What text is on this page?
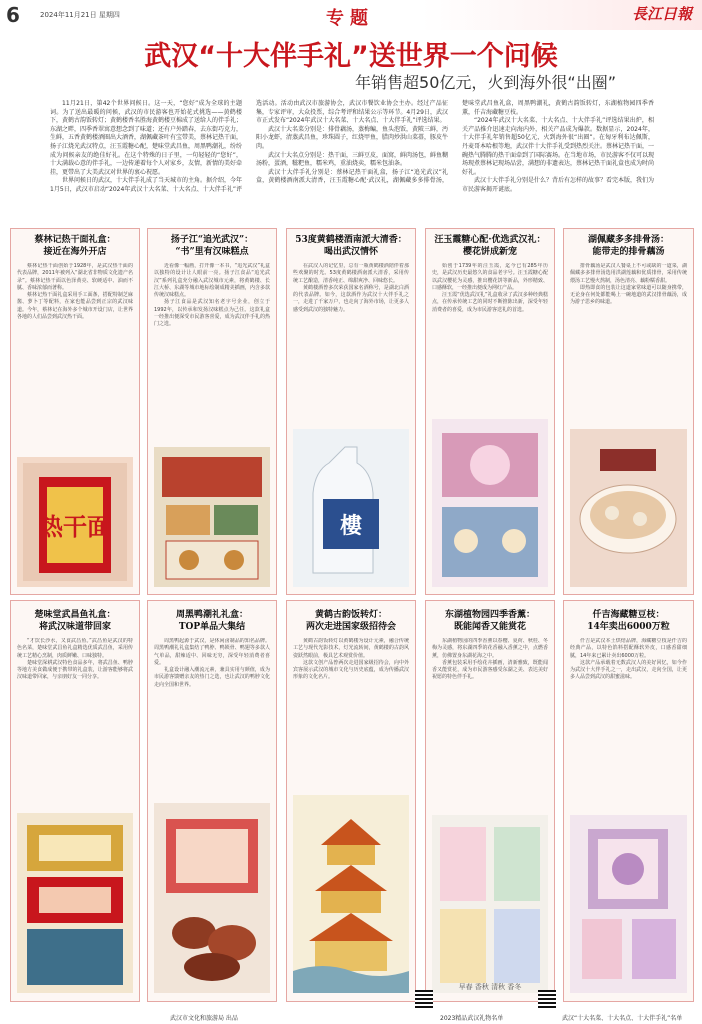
6	2024年11月21日 星期四	专题	長江日報
武汉“十大伴手礼”送世界一个问候
年销售超50亿元，火到海外很“出圈”

11月21日，第42个世界问候日。这一天，“您好”成为全球的主题词。为了送出最暖的问候，武汉的市民游客也开始花式挑选——黄鹤楼下，黄鹤古韵饭转灯；黄鹤楼香名胜海黄鹤楼豆棉成了送给人的伴手礼；东湖之畔，四季香翠寓意想念到了味道；还有户外踏春，去东街巧克力，生鲜，五香黄鹤楼酒圈出大酒香，湖佩藏茶叶有宝带美，蔡林记热干面，扬子江烧光武汉特点，汪玉霞糖心配，楚味堂武昌鱼，周黑鸭潮礼，纷纷成为问候亲友的绝佳好礼。在这个特殊的日子里，一句轻轻的“您好”，十大满载心意的伴手礼，一边传递着每个人对家乡，友情，新情的美好牵挂，更带出了大美武汉对世界的衷心祝愿。

世界问候日的武汉，十大伴手礼成了当天城市的主角。据介绍，今年1月5日，武汉市启动“2024年武汉十大名菜、十大名点、十大伴手礼”评选活动。活动由武汉市旅游协会，武汉市餐饮业协会主办。经过产品征集，专家评审，大众投票，综合考评和结果公示等环节。4月29日，武汉市正式发布“2024年武汉十大名菜、十大名点、十大伴手礼”评选结果。

武汉十大名菜分别是：排骨藕汤，蒸梅鳊，鱼头泡饭，黄陂三鲜，沔阳小龙虾，清蒸武昌鱼，珍珠圆子，红烧甲鱼，腊肉炒洪山菜薹，豚皮牛肉。

武汉十大名点分别是：热干面，三鲜豆皮，面窝，鲜肉汤包，鲜鱼糊汤粉，蛋酒，糍粑鱼，糯米鸡，重油烧卖，糯米包油条。

武汉十大伴手礼分别是：蔡林记热干面礼盒，扬子江“追光武汉”礼盒，黄鹤楼酒南派大清香，汪玉霞糖心配·武汉礼，湖佩藏多多排骨汤，楚味堂武昌鱼礼盒，周黑鸭潮礼，黄鹤古韵饭转灯，东湖植物园四季香薰，仟吉海藏糖豆枝。

“2024年武汉十大名菜、十大名点、十大伴手礼”评选结果出炉，相关产品推介迅速走向海内外，相关产品成为爆款。数据显示，2024年，十大伴手礼年销售超50亿元，火到海外很“出圈”。在匈牙利布达佩斯，丹麦哥本哈根等地，武汉伴十大伴手礼受到热烈关注。蔡林记热干面，一碗热气腾腾的热干面牵到了国际赛场。在当地市场，市民游客不仅可以现场现煮蔡林记现场品尝，满想的非遗表达，蔡林记热干面礼盒也成为时尚好礼。

武汉十大伴手礼分别是什么？背后有怎样的故事？看完本版，我们为市民游客揭开谜底。

蔡林记热干面礼盒：
接近在海外开店

蔡林记热干面创始于1928年，是武汉热干面的代表品牌，2011年被列入“湖北省非物质文化遗产名录”。蔡林记热干面以色泽黄亮、软硬适中、油而不腻、香味浓郁而著称。

蔡林记热干面礼盒采用手工面条，搭配特制芝麻酱、萝卜丁等配料，在家也能品尝到正宗的武汉味道。今年，蔡林记在海外多个城市开设门店，让世界各地的人们品尝到武汉热干面。

热干面
扬子江“追光武汉”：
“书”里有汉味糕点

近看像一幅画，打开像一本书，“追光武汉”礼盒以独特的设计让人眼前一亮。扬子江食品“追光武汉”系列礼盒充分融入武汉城市元素，将黄鹤楼、长江大桥、东湖等城市地标绘制成精美插画，内含多款传统汉味糕点。

扬子江食品是武汉知名老字号企业，创立于1992年，以传承和发扬汉味糕点为己任。这款礼盒一经推出便深受市民游客喜爱，成为武汉伴手礼的热门之选。

53度黄鹤楼酒南派大清香：
喝出武汉情怀

在武汉人的记忆里，总有一瓶黄鹤楼酒陪伴着那些欢聚的时光。53度黄鹤楼酒南派大清香，采用传统工艺酿造，清香纯正、绵甜爽净、回味悠长。

黄鹤楼酒曾多次荣获国家名酒称号，是湖北白酒的代表品牌。如今，这款酒作为武汉十大伴手礼之一，走进了千家万户，也走向了海外市场，让更多人感受到武汉的独特魅力。

樓
汪玉霞糖心配·优选武汉礼：
樱花饼成新宠

始创于1739年的汪玉霞，迄今已有285年历史，是武汉历史最悠久的食品老字号。汪玉霞糖心配以武汉樱花为灵感，推出樱花饼等新品，外形精致、口感酥软，一经推出便成为网红产品。

汪玉霞“优选武汉礼”礼盒收录了武汉多种经典糕点，在传承传统工艺的同时不断推陈出新，深受年轻消费者的喜爱，成为市民游客送礼的首选。

湖佩藏多多排骨汤：
能带走的排骨藕汤

排骨藕汤是武汉人餐桌上不可或缺的一道菜，湖佩藏多多排骨汤选用洪湖莲藕和优质排骨，采用传统煨汤工艺慢火熬制，汤色清亮、藕粉糯香甜。

即热即食的包装让这道家常味道可以随身携带，无论身在何处都能喝上一碗地道的武汉排骨藕汤，成为游子思乡的味道。

楚味堂武昌鱼礼盒：
将武汉味道带回家

“才饮长沙水，又食武昌鱼。”武昌鱼是武汉的特色名菜，楚味堂武昌鱼礼盒精选优质武昌鱼，采用传统工艺精心烹制，肉质鲜嫩、口味独特。

楚味堂深耕武汉特色食品多年，将武昌鱼、鸭脖等地方美食做成便于携带的礼盒装，让游客能够将武汉味道带回家，与亲朋好友一同分享。

周黑鸭潮礼礼盒：
TOP单品大集结

周黑鸭起源于武汉，是休闲卤制品的知名品牌。周黑鸭潮礼礼盒集结了鸭脖、鸭锁骨、鸭翅等多款人气单品，甜辣适中、回味无穷，深受年轻消费者喜爱。

礼盒设计融入潮流元素，兼具实用与颜值，成为市民游客馈赠亲友的热门之选，也让武汉的鸭脖文化走向全国和世界。

黄鹤古韵饭转灯：
两次走进国家级招待会

黄鹤古韵饭转灯以黄鹤楼为设计元素，融合传统工艺与现代光影技术，灯光流转间，黄鹤楼的古韵风姿跃然眼前，极具艺术观赏价值。

这款文创产品曾两次走进国家级招待会，向中外宾客展示武汉的城市文化与历史底蕴，成为传播武汉形象的文化名片。

东湖植物园四季香薰：
既能闻香又能赏花

东湖植物园的四季香薰以春樱、夏荷、秋桂、冬梅为灵感，将东湖四季的花香融入香薰之中，点燃香薰，仿佛置身东湖花海之中。

香薰包装采用手绘花卉插画，清新雅致，既能闻香又能赏花，成为市民游客感受东湖之美、表达美好祝愿的特色伴手礼。

早春 香秋 清秋 香冬
仟吉海藏糖豆枝：
14年卖出6000万粒

仟吉是武汉本土烘焙品牌，海藏糖豆枝是仟吉的经典产品，以特色馅料搭配酥软外皮，口感香甜细腻，14年来已累计卖出6000万粒。

这款产品承载着无数武汉人的美好回忆，如今作为武汉十大伴手礼之一，走出武汉，走向全国，让更多人品尝到武汉的甜蜜滋味。

武汉市文化和旅游局 出品	2023精品武汉礼物名单	武汉“十大名菜、十大名点、十大伴手礼”名单
